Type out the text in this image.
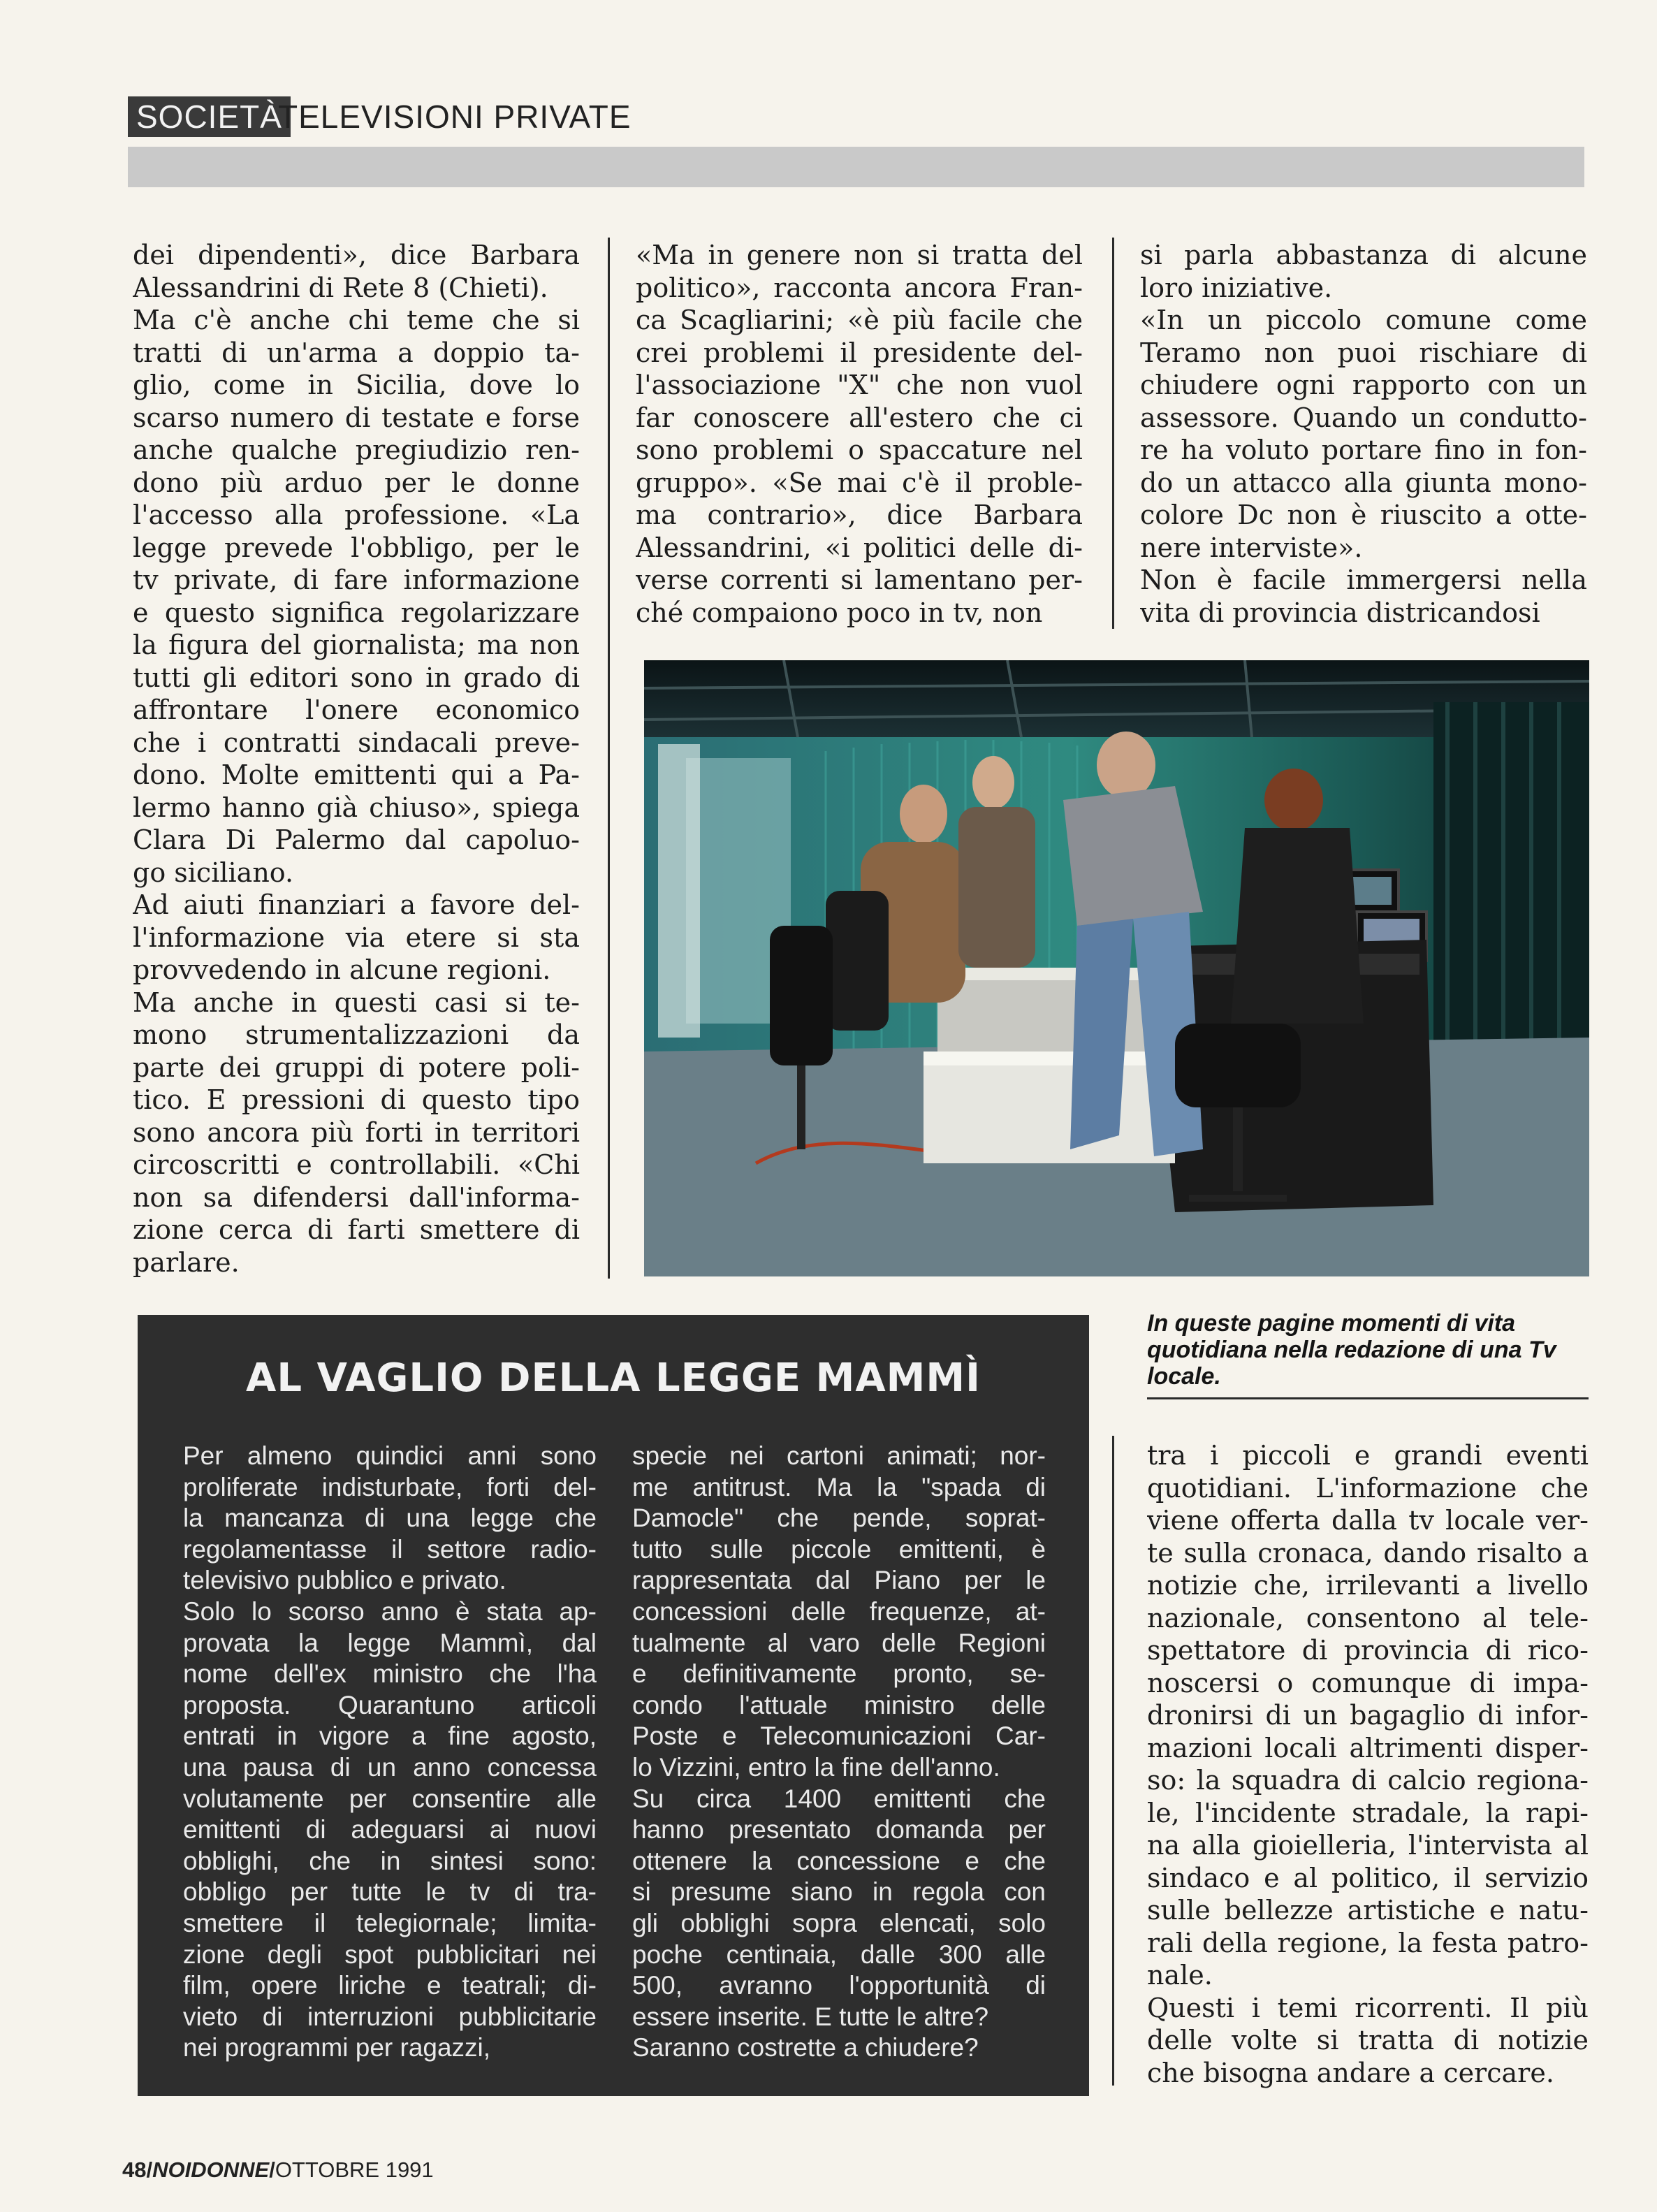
SOCIETÀ
TELEVISIONI PRIVATE
dei dipendenti», dice Barbara
Alessandrini di Rete 8 (Chieti).
Ma c'è anche chi teme che si
tratti di un'arma a doppio ta-
glio, come in Sicilia, dove lo
scarso numero di testate e forse
anche qualche pregiudizio ren-
dono più arduo per le donne
l'accesso alla professione. «La
legge prevede l'obbligo, per le
tv private, di fare informazione
e questo significa regolarizzare
la figura del giornalista; ma non
tutti gli editori sono in grado di
affrontare l'onere economico
che i contratti sindacali preve-
dono. Molte emittenti qui a Pa-
lermo hanno già chiuso», spiega
Clara Di Palermo dal capoluo-
go siciliano.
Ad aiuti finanziari a favore del-
l'informazione via etere si sta
provvedendo in alcune regioni.
Ma anche in questi casi si te-
mono strumentalizzazioni da
parte dei gruppi di potere poli-
tico. E pressioni di questo tipo
sono ancora più forti in territori
circoscritti e controllabili. «Chi
non sa difendersi dall'informa-
zione cerca di farti smettere di
parlare.
«Ma in genere non si tratta del
politico», racconta ancora Fran-
ca Scagliarini; «è più facile che
crei problemi il presidente del-
l'associazione "X" che non vuol
far conoscere all'estero che ci
sono problemi o spaccature nel
gruppo». «Se mai c'è il proble-
ma contrario», dice Barbara
Alessandrini, «i politici delle di-
verse correnti si lamentano per-
ché compaiono poco in tv, non
si parla abbastanza di alcune
loro iniziative.
«In un piccolo comune come
Teramo non puoi rischiare di
chiudere ogni rapporto con un
assessore. Quando un condutto-
re ha voluto portare fino in fon-
do un attacco alla giunta mono-
colore Dc non è riuscito a otte-
nere interviste».
Non è facile immergersi nella
vita di provincia districandosi
In queste pagine momenti di vita quotidiana nella redazione di una Tv locale.
AL VAGLIO DELLA LEGGE MAMMÌ
Per almeno quindici anni sono
proliferate indisturbate, forti del-
la mancanza di una legge che
regolamentasse il settore radio-
televisivo pubblico e privato.
Solo lo scorso anno è stata ap-
provata la legge Mammì, dal
nome dell'ex ministro che l'ha
proposta. Quarantuno articoli
entrati in vigore a fine agosto,
una pausa di un anno concessa
volutamente per consentire alle
emittenti di adeguarsi ai nuovi
obblighi, che in sintesi sono:
obbligo per tutte le tv di tra-
smettere il telegiornale; limita-
zione degli spot pubblicitari nei
film, opere liriche e teatrali; di-
vieto di interruzioni pubblicitarie
nei programmi per ragazzi,
specie nei cartoni animati; nor-
me antitrust. Ma la "spada di
Damocle" che pende, soprat-
tutto sulle piccole emittenti, è
rappresentata dal Piano per le
concessioni delle frequenze, at-
tualmente al varo delle Regioni
e definitivamente pronto, se-
condo l'attuale ministro delle
Poste e Telecomunicazioni Car-
lo Vizzini, entro la fine dell'anno.
Su circa 1400 emittenti che
hanno presentato domanda per
ottenere la concessione e che
si presume siano in regola con
gli obblighi sopra elencati, solo
poche centinaia, dalle 300 alle
500, avranno l'opportunità di
essere inserite. E tutte le altre?
Saranno costrette a chiudere?
tra i piccoli e grandi eventi
quotidiani. L'informazione che
viene offerta dalla tv locale ver-
te sulla cronaca, dando risalto a
notizie che, irrilevanti a livello
nazionale, consentono al tele-
spettatore di provincia di rico-
noscersi o comunque di impa-
dronirsi di un bagaglio di infor-
mazioni locali altrimenti disper-
so: la squadra di calcio regiona-
le, l'incidente stradale, la rapi-
na alla gioielleria, l'intervista al
sindaco e al politico, il servizio
sulle bellezze artistiche e natu-
rali della regione, la festa patro-
nale.
Questi i temi ricorrenti. Il più
delle volte si tratta di notizie
che bisogna andare a cercare.
48/NOIDONNE/OTTOBRE 1991
